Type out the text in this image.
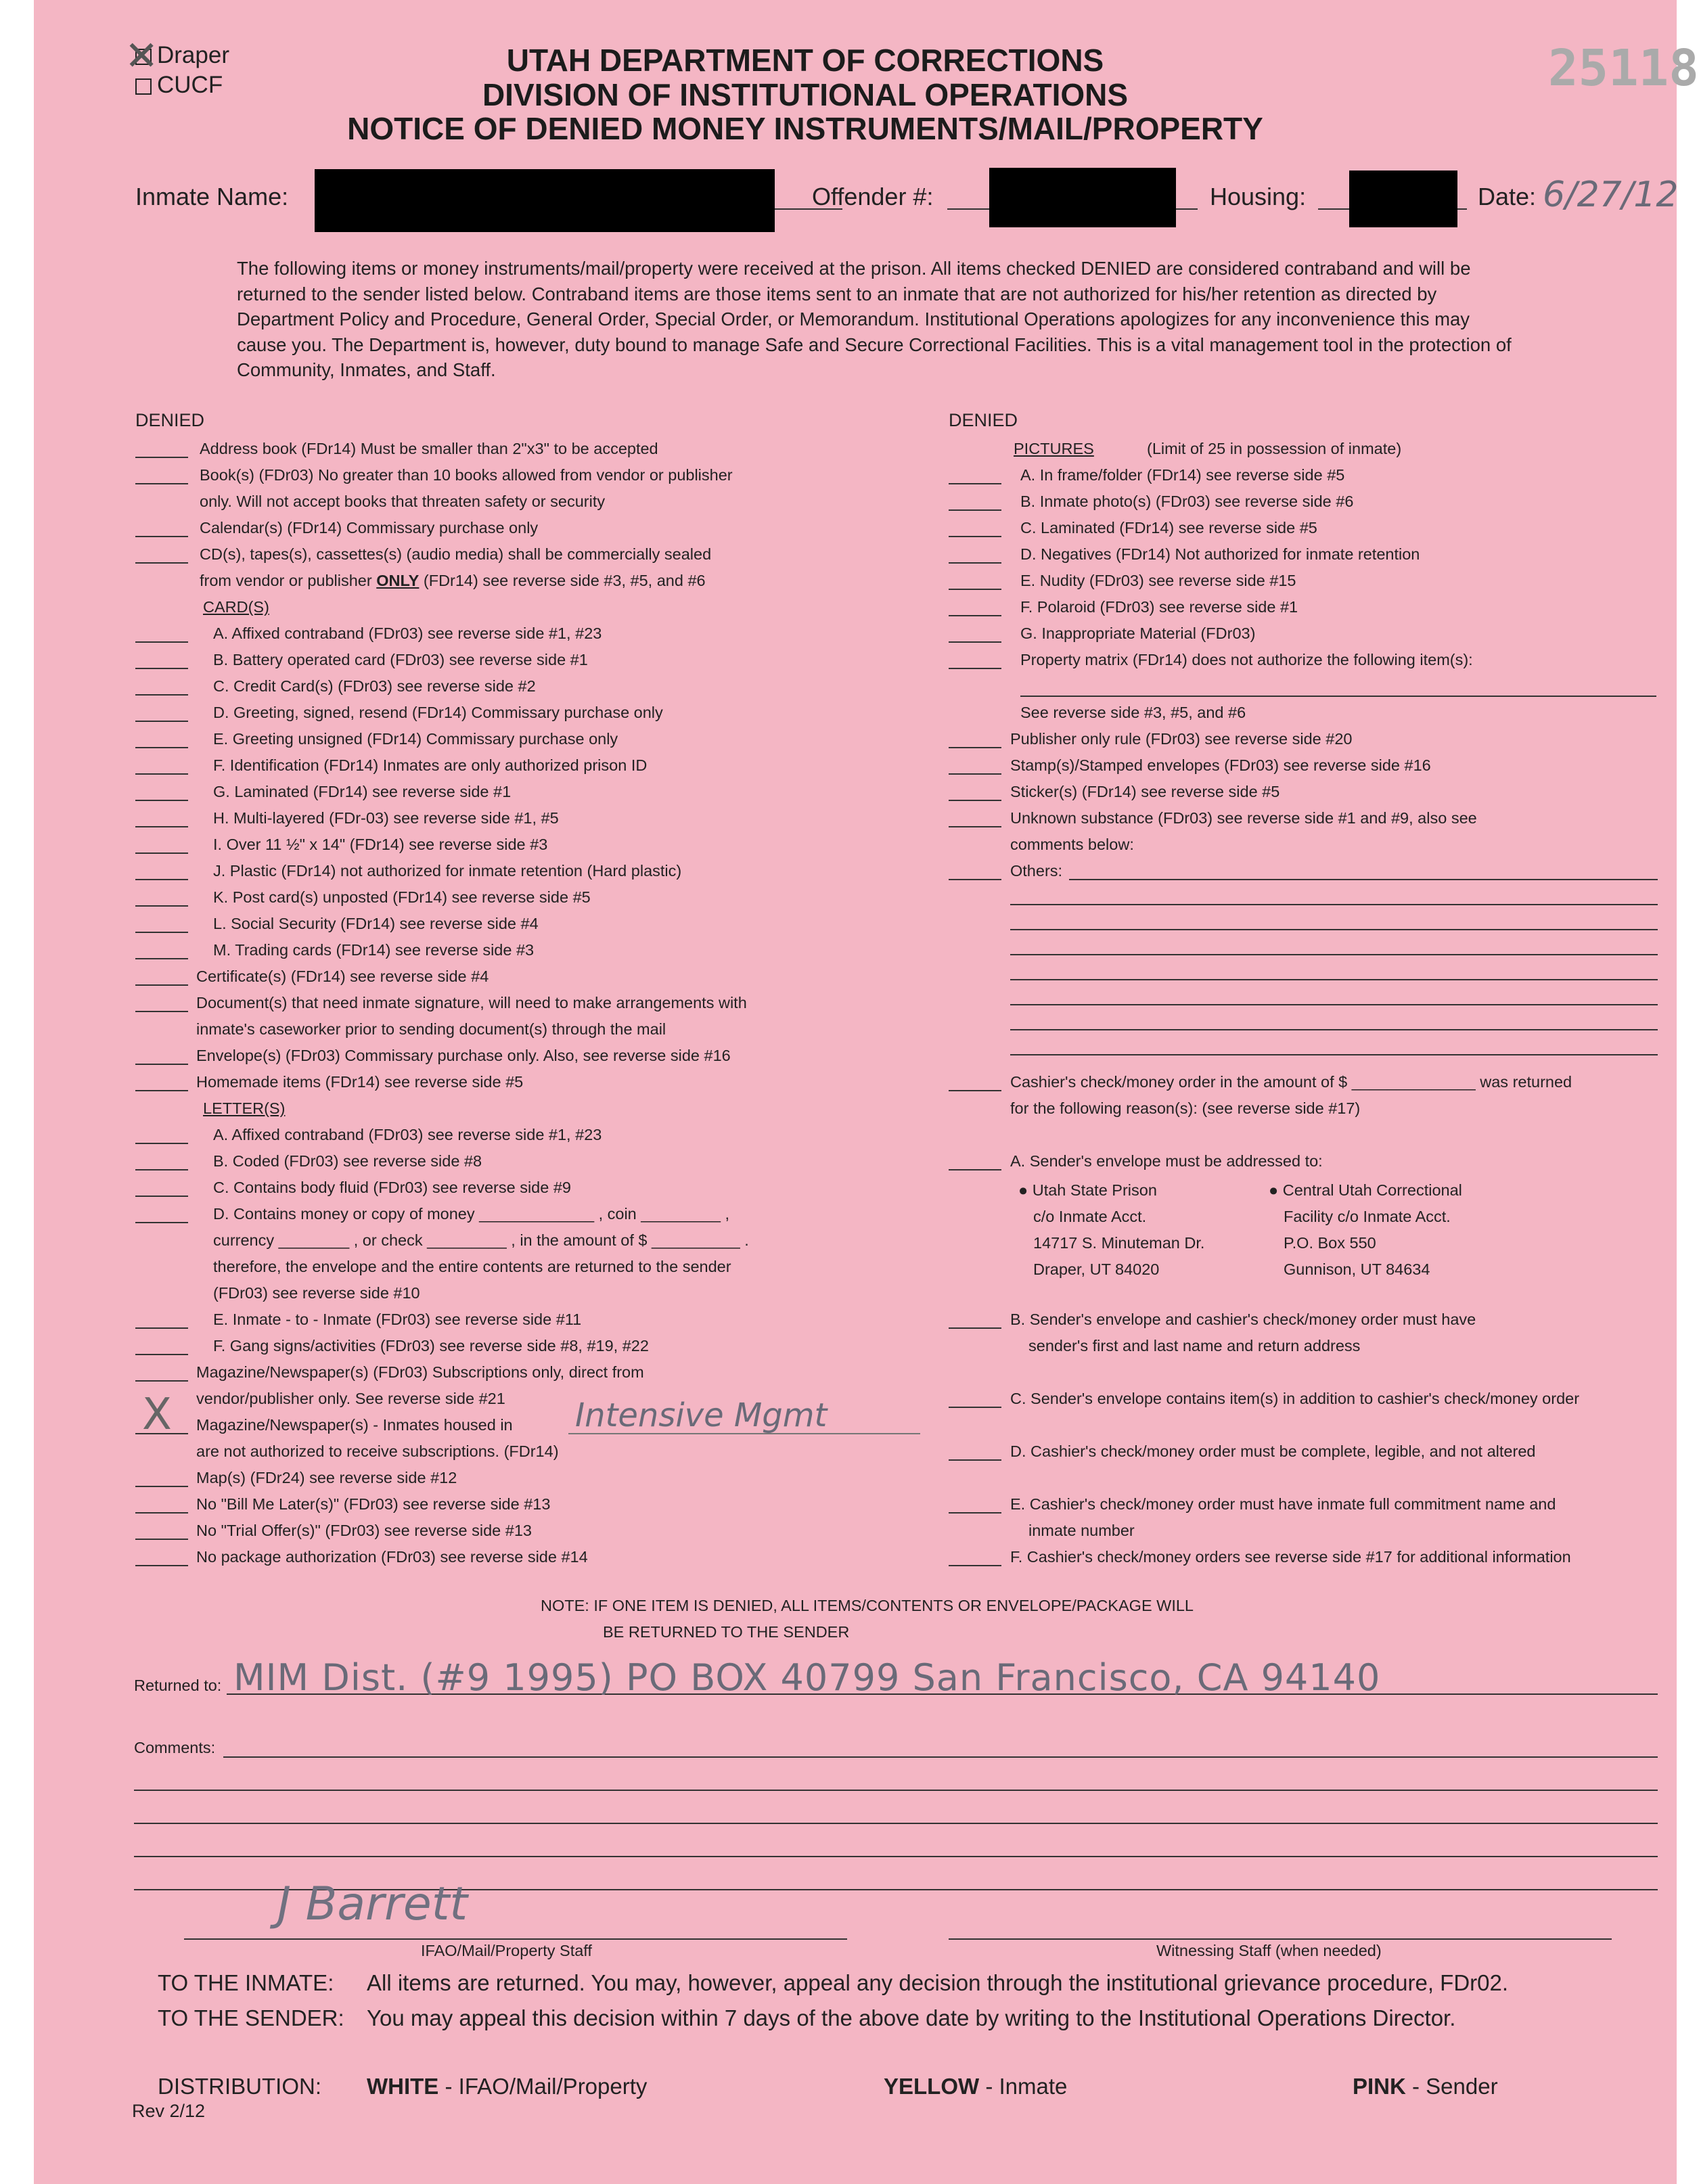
Draper
CUCF
✕	25118
UTAH DEPARTMENT OF CORRECTIONS
DIVISION OF INSTITUTIONAL OPERATIONS
NOTICE OF DENIED MONEY INSTRUMENTS/MAIL/PROPERTY
Inmate Name:	Offender #:	Housing:	Date: 6/27/12
The following items or money instruments/mail/property were received at the prison. All items checked DENIED are considered contraband and will be returned to the sender listed below. Contraband items are those items sent to an inmate that are not authorized for his/her retention as directed by Department Policy and Procedure, General Order, Special Order, or Memorandum. Institutional Operations apologizes for any inconvenience this may cause you. The Department is, however, duty bound to manage Safe and Secure Correctional Facilities. This is a vital management tool in the protection of Community, Inmates, and Staff.
DENIED
Address book (FDr14) Must be smaller than 2"x3" to be accepted
Book(s) (FDr03) No greater than 10 books allowed from vendor or publisher
only. Will not accept books that threaten safety or security
Calendar(s) (FDr14) Commissary purchase only
CD(s), tapes(s), cassettes(s) (audio media) shall be commercially sealed
from vendor or publisher ONLY (FDr14) see reverse side #3, #5, and #6
CARD(S)
A. Affixed contraband (FDr03) see reverse side #1, #23
B. Battery operated card (FDr03) see reverse side #1
C. Credit Card(s) (FDr03) see reverse side #2
D. Greeting, signed, resend (FDr14) Commissary purchase only
E. Greeting unsigned (FDr14) Commissary purchase only
F. Identification (FDr14) Inmates are only authorized prison ID
G. Laminated (FDr14) see reverse side #1
H. Multi-layered (FDr-03) see reverse side #1, #5
I. Over 11 ½" x 14" (FDr14) see reverse side #3
J. Plastic (FDr14) not authorized for inmate retention (Hard plastic)
K. Post card(s) unposted (FDr14) see reverse side #5
L. Social Security (FDr14) see reverse side #4
M. Trading cards (FDr14) see reverse side #3
Certificate(s) (FDr14) see reverse side #4
Document(s) that need inmate signature, will need to make arrangements with
inmate's caseworker prior to sending document(s) through the mail
Envelope(s) (FDr03) Commissary purchase only. Also, see reverse side #16
Homemade items (FDr14) see reverse side #5
LETTER(S)
A. Affixed contraband (FDr03) see reverse side #1, #23
B. Coded (FDr03) see reverse side #8
C. Contains body fluid (FDr03) see reverse side #9
D. Contains money or copy of money _____________ , coin _________ ,
currency ________ , or check _________ , in the amount of $ __________ .
therefore, the envelope and the entire contents are returned to the sender
(FDr03) see reverse side #10
E. Inmate - to - Inmate (FDr03) see reverse side #11
F. Gang signs/activities (FDr03) see reverse side #8, #19, #22
Magazine/Newspaper(s) (FDr03) Subscriptions only, direct from
vendor/publisher only. See reverse side #21
X Magazine/Newspaper(s) - Inmates housed in Intensive Mgmt
are not authorized to receive subscriptions. (FDr14)
Map(s) (FDr24) see reverse side #12
No "Bill Me Later(s)" (FDr03) see reverse side #13
No "Trial Offer(s)" (FDr03) see reverse side #13
No package authorization (FDr03) see reverse side #14
DENIED
PICTURES	(Limit of 25 in possession of inmate)
A. In frame/folder (FDr14) see reverse side #5
B. Inmate photo(s) (FDr03) see reverse side #6
C. Laminated (FDr14) see reverse side #5
D. Negatives (FDr14) Not authorized for inmate retention
E. Nudity (FDr03) see reverse side #15
F. Polaroid (FDr03) see reverse side #1
G. Inappropriate Material (FDr03)
Property matrix (FDr14) does not authorize the following item(s):
See reverse side #3, #5, and #6
Publisher only rule (FDr03) see reverse side #20
Stamp(s)/Stamped envelopes (FDr03) see reverse side #16
Sticker(s) (FDr14) see reverse side #5
Unknown substance (FDr03) see reverse side #1 and #9, also see
comments below:
Others:
Cashier's check/money order in the amount of $ ______________ was returned
for the following reason(s): (see reverse side #17)
A. Sender's envelope must be addressed to:
● Utah State Prison
c/o Inmate Acct.
14717 S. Minuteman Dr.
Draper, UT 84020
● Central Utah Correctional
Facility c/o Inmate Acct.
P.O. Box 550
Gunnison, UT 84634
B. Sender's envelope and cashier's check/money order must have
sender's first and last name and return address
C. Sender's envelope contains item(s) in addition to cashier's check/money order
D. Cashier's check/money order must be complete, legible, and not altered
E. Cashier's check/money order must have inmate full commitment name and
inmate number
F. Cashier's check/money orders see reverse side #17 for additional information
NOTE: IF ONE ITEM IS DENIED, ALL ITEMS/CONTENTS OR ENVELOPE/PACKAGE WILL
BE RETURNED TO THE SENDER
Returned to: MIM Dist. (#9 1995) PO BOX 40799 San Francisco, CA 94140
Comments:
J Barrett
IFAO/Mail/Property Staff	Witnessing Staff (when needed)
TO THE INMATE: All items are returned. You may, however, appeal any decision through the institutional grievance procedure, FDr02.
TO THE SENDER: You may appeal this decision within 7 days of the above date by writing to the Institutional Operations Director.
DISTRIBUTION: WHITE - IFAO/Mail/Property	YELLOW - Inmate	PINK - Sender
Rev 2/12
